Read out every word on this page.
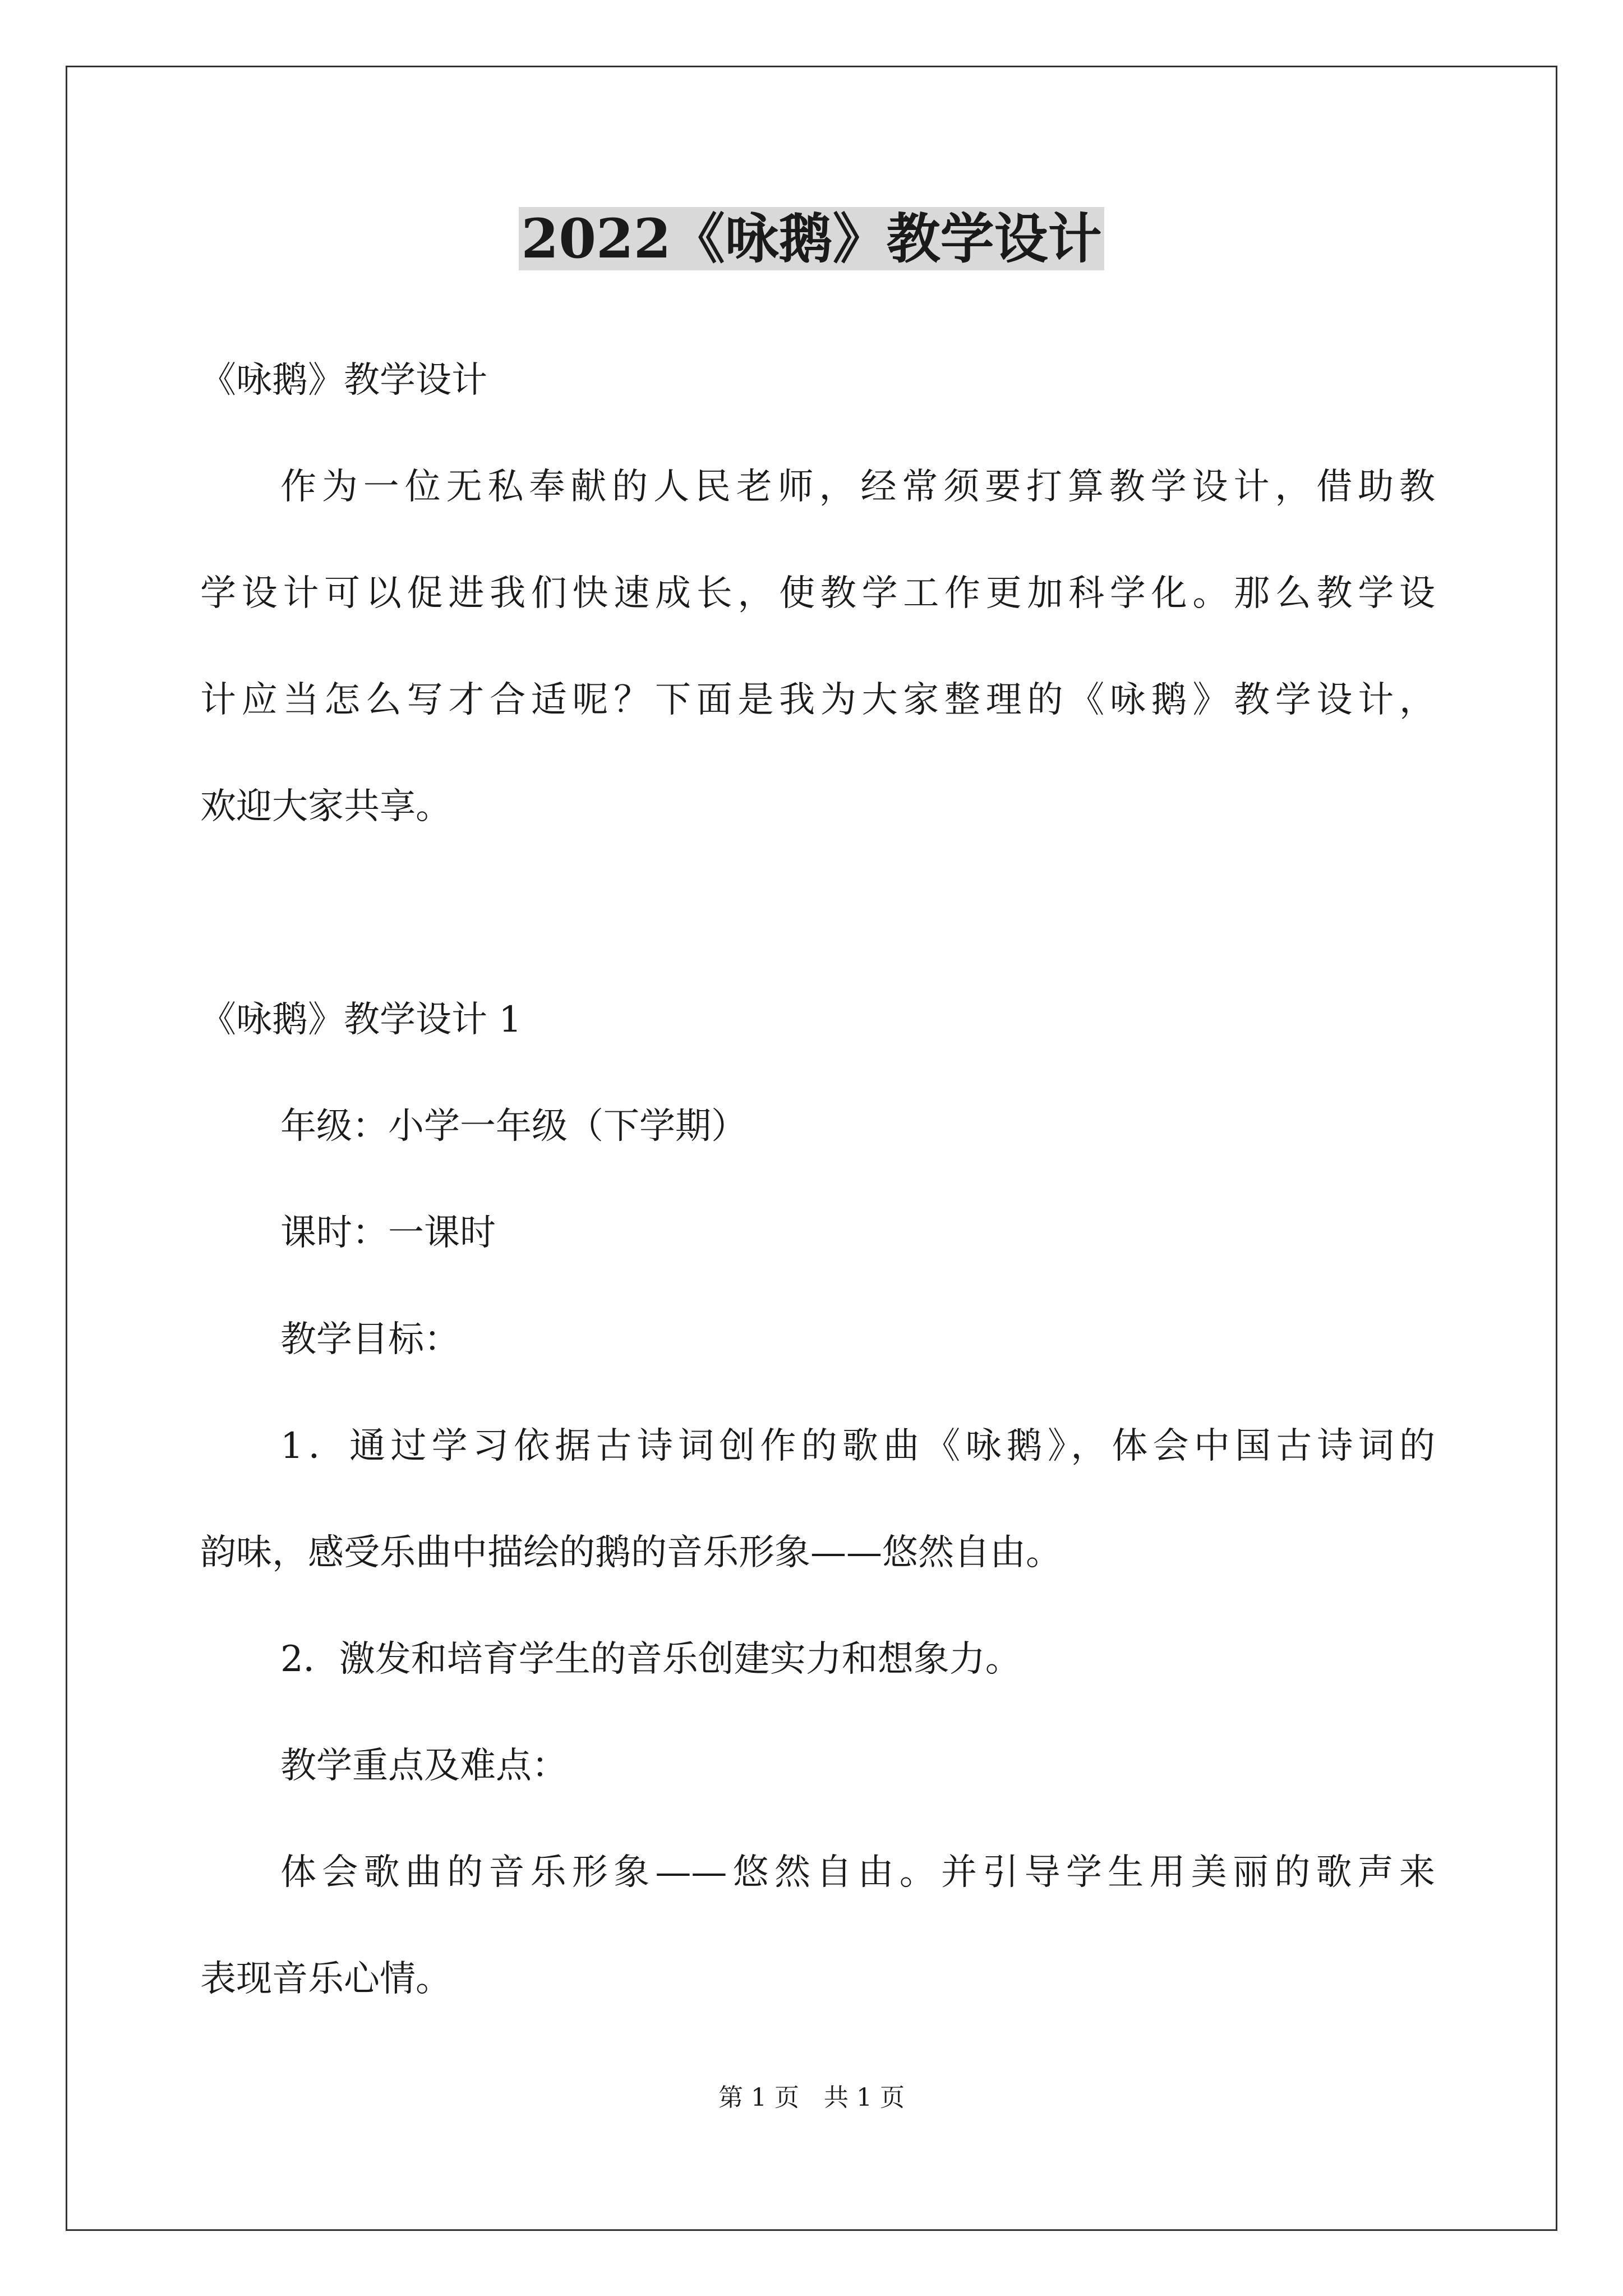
2022《咏鹅》教学设计

《咏鹅》教学设计

作为一位无私奉献的人民老师，经常须要打算教学设计，借助教

学设计可以促进我们快速成长，使教学工作更加科学化。那么教学设

计应当怎么写才合适呢？下面是我为大家整理的《咏鹅》教学设计，

欢迎大家共享。

《咏鹅》教学设计 1

年级：小学一年级（下学期）

课时：一课时

教学目标：

1．通过学习依据古诗词创作的歌曲《咏鹅》，体会中国古诗词的

韵味，感受乐曲中描绘的鹅的音乐形象——悠然自由。

2．激发和培育学生的音乐创建实力和想象力。

教学重点及难点：

体会歌曲的音乐形象——悠然自由。并引导学生用美丽的歌声来

表现音乐心情。

第 1 页　共 1 页
